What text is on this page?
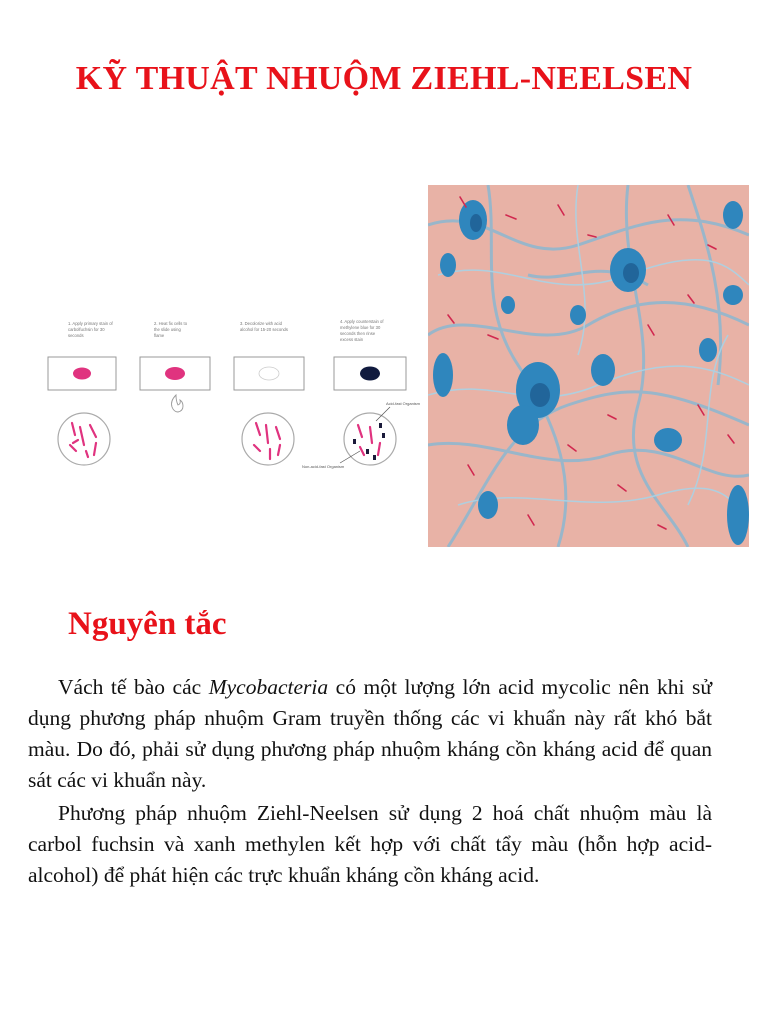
KỸ THUẬT NHUỘM ZIEHL-NEELSEN
1. Apply primary stain of
carbolfuchsin for 30
seconds
2. Heat fix cells to
the slide using
flame
3. Decolorize with acid
alcohol for 15-20 seconds
4. Apply counterstain of
methylene blue for 30
seconds then rinse
excess stain
Acid-fast Organism
Non-acid-fast Organism
Nguyên tắc

Vách tế bào các Mycobacteria có một lượng lớn acid mycolic nên khi sử dụng phương pháp nhuộm Gram truyền thống các vi khuẩn này rất khó bắt màu. Do đó, phải sử dụng phương pháp nhuộm kháng cồn kháng acid để quan sát các vi khuẩn này.

Phương pháp nhuộm Ziehl-Neelsen sử dụng 2 hoá chất nhuộm màu là carbol fuchsin và xanh methylen kết hợp với chất tẩy màu (hỗn hợp acid-alcohol) để phát hiện các trực khuẩn kháng cồn kháng acid.
